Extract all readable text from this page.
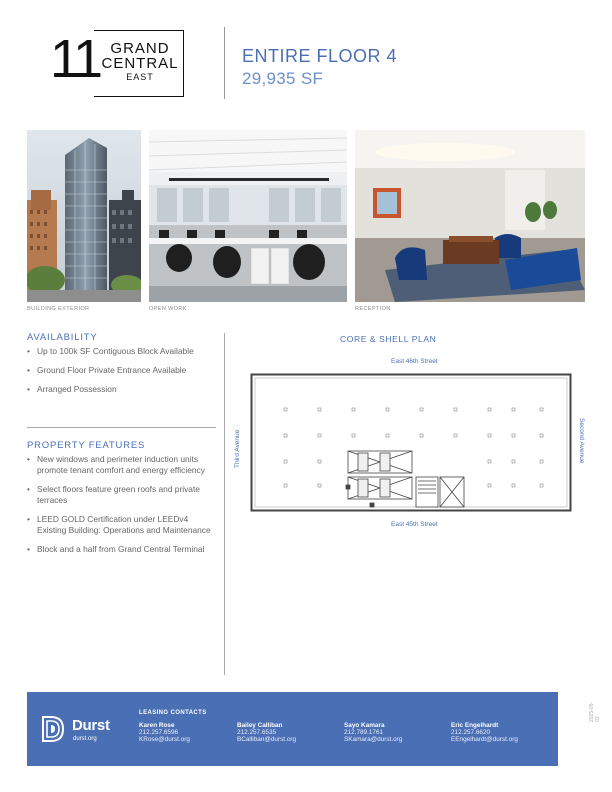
11 GRAND
CENTRAL
EAST
ENTIRE FLOOR 4
29,935 SF
BUILDING EXTERIOR	OPEN WORK	RECEPTION
AVAILABILITY
• Up to 100k SF Contiguous Block Available
• Ground Floor Private Entrance Available
• Arranged Possession
PROPERTY FEATURES
• New windows and perimeter induction units promote tenant comfort and energy efficiency
• Select floors feature green roofs and private terraces
• LEED GOLD Certification under LEEDv4 Existing Building: Operations and Maintenance
• Block and a half from Grand Central Terminal
CORE & SHELL PLAN
East 46th Street
East 45th Street
Third Avenue	Second Avenue
Durst
durst.org
LEASING CONTACTS
Karen Rose
212.257.6596
KRose@durst.org
Bailey Calliban
212.257.6535
BCalliban@durst.org
Sayo Kamara
212.789.1761
SKamara@durst.org
Eric Engelhardt
212.257.6620
EEngelhardt@durst.org
2025-05-01
